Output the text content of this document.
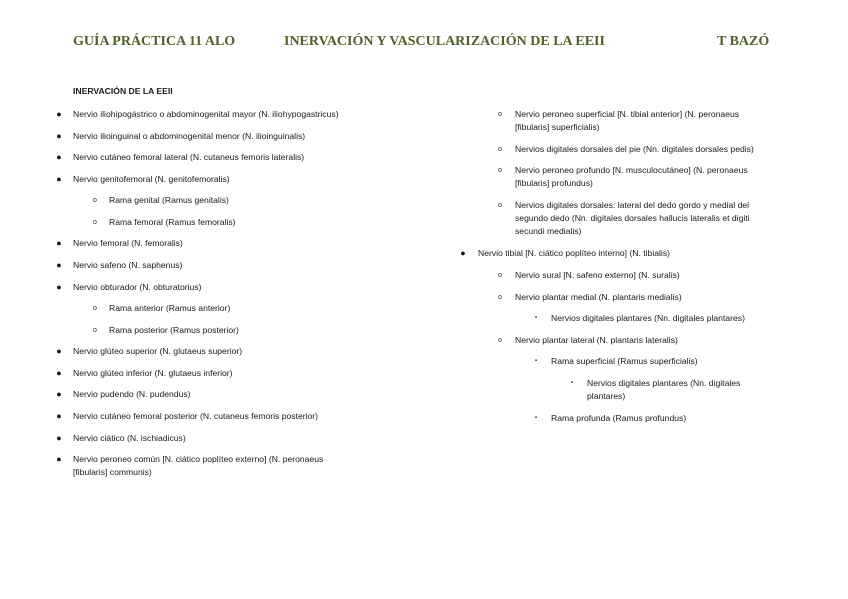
GUÍA PRÁCTICA 11 ALO	INERVACIÓN Y VASCULARIZACIÓN DE LA EEII	T BAZÓ
INERVACIÓN DE LA EEII
● Nervio iliohipogástrico o abdominogenital mayor (N. iliohypogastricus)
● Nervio ilioinguinal o abdominogenital menor (N. ilioinguinalis)
● Nervio cutáneo femoral lateral (N. cutaneus femoris lateralis)
● Nervio genitofemoral (N. genitofemoralis)
o	Rama genital (Ramus genitalis)
o	Rama femoral (Ramus femoralis)
● Nervio femoral (N. femoralis)
● Nervio safeno (N. saphenus)
● Nervio obturador (N. obturatorius)
o	Rama anterior (Ramus anterior)
o	Rama posterior (Ramus posterior)
● Nervio glúteo superior (N. glutaeus superior)
● Nervio glúteo inferior (N. glutaeus inferior)
● Nervio pudendo (N. pudendus)
● Nervio cutáneo femoral posterior (N. cutaneus femoris posterior)
● Nervio ciático (N. ischiadicus)
● Nervio peroneo común [N. ciático poplíteo externo] (N. peronaeus
[fibularis] communis)
o	Nervio peroneo superficial [N. tibial anterior] (N. peronaeus
[fibularis] superficialis)
o	Nervios digitales dorsales del pie (Nn. digitales dorsales pedis)
o	Nervio peroneo profundo [N. musculocutáneo] (N. peronaeus
[fibularis] profundus)
o	Nervios digitales dorsales: lateral del dedo gordo y medial del
segundo dedo (Nn. digitales dorsales hallucis lateralis et digiti
secundi medialis)
● Nervio tibial [N. ciático poplíteo interno] (N. tibialis)
o	Nervio sural [N. safeno externo] (N. suralis)
o	Nervio plantar medial (N. plantaris medialis)
▪	Nervios digitales plantares (Nn. digitales plantares)
o	Nervio plantar lateral (N. plantaris lateralis)
▪	Rama superficial (Ramus superficialis)
▪	Nervios digitales plantares (Nn. digitales
plantares)
▪	Rama profunda (Ramus profundus)
